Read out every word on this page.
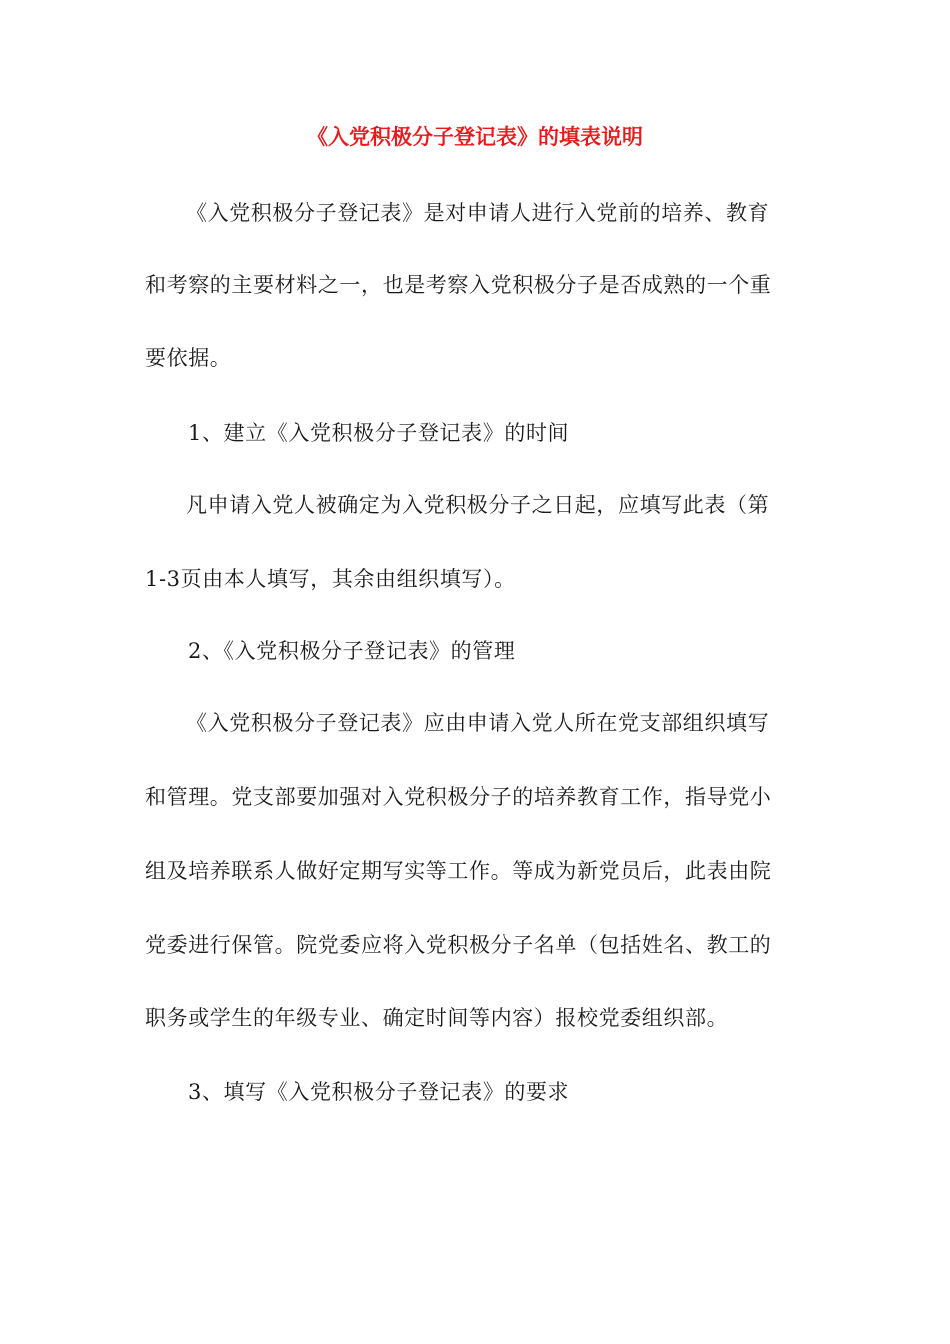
《入党积极分子登记表》的填表说明
《入党积极分子登记表》是对申请人进行入党前的培养、教育
和考察的主要材料之一，也是考察入党积极分子是否成熟的一个重
要依据。
1、建立《入党积极分子登记表》的时间
凡申请入党人被确定为入党积极分子之日起，应填写此表（第
1-3页由本人填写，其余由组织填写）。
2、《入党积极分子登记表》的管理
《入党积极分子登记表》应由申请入党人所在党支部组织填写
和管理。党支部要加强对入党积极分子的培养教育工作，指导党小
组及培养联系人做好定期写实等工作。等成为新党员后，此表由院
党委进行保管。院党委应将入党积极分子名单（包括姓名、教工的
职务或学生的年级专业、确定时间等内容）报校党委组织部。
3、填写《入党积极分子登记表》的要求
